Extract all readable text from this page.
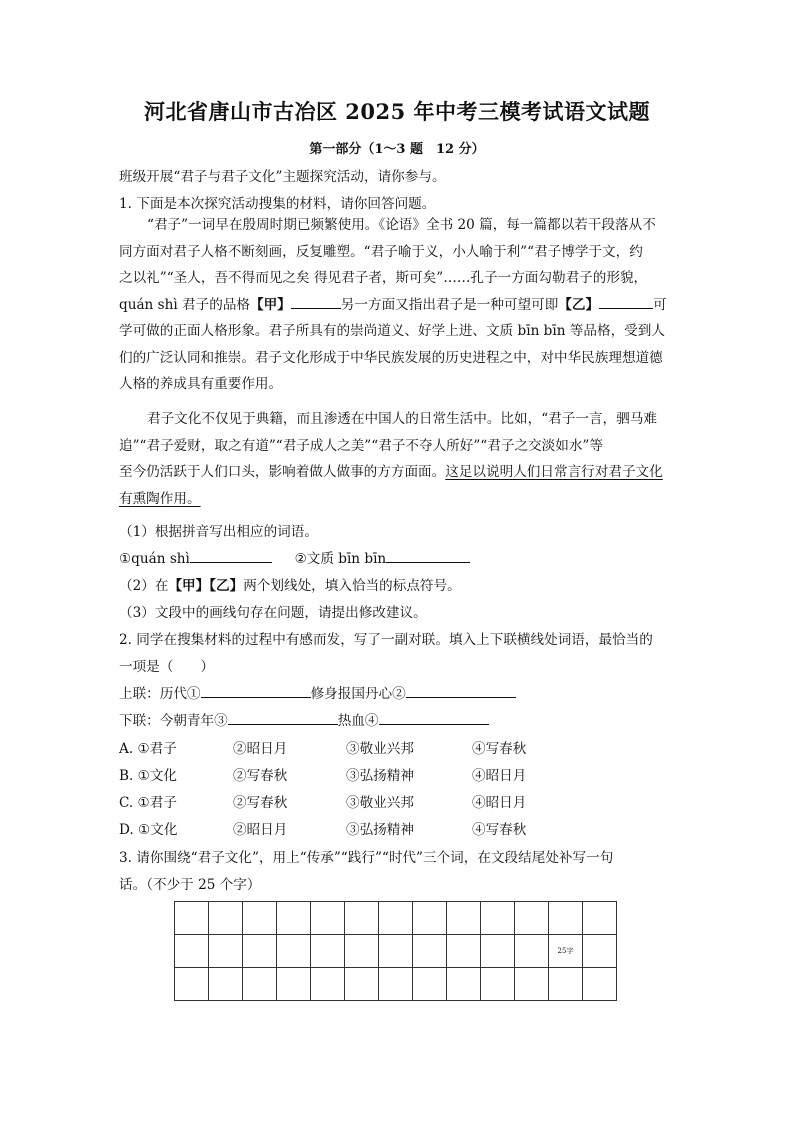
河北省唐山市古冶区 2025 年中考三模考试语文试题
第一部分（1～3 题　12 分）
班级开展“君子与君子文化”主题探究活动，请你参与。
1. 下面是本次探究活动搜集的材料，请你回答问题。
“君子”一词早在殷周时期已频繁使用。《论语》全书 20 篇，每一篇都以若干段落从不
同方面对君子人格不断刻画，反复雕塑。“君子喻于义，小人喻于利”“君子博学于文，约
之以礼”“圣人，吾不得而见之矣 得见君子者，斯可矣”……孔子一方面勾勒君子的形貌，
quán shì 君子的品格【甲】	另一方面又指出君子是一种可望可即【乙】	可
学可做的正面人格形象。君子所具有的崇尚道义、好学上进、文质 bīn bīn 等品格，受到人
们的广泛认同和推崇。君子文化形成于中华民族发展的历史进程之中，对中华民族理想道德
人格的养成具有重要作用。
君子文化不仅见于典籍，而且渗透在中国人的日常生活中。比如，“君子一言，驷马难
追”“君子爱财，取之有道”“君子成人之美”“君子不夺人所好”“君子之交淡如水”等
至今仍活跃于人们口头，影响着做人做事的方方面面。这足以说明人们日常言行对君子文化
有熏陶作用。
（1）根据拼音写出相应的词语。
①quán shì	②文质 bīn bīn
（2）在【甲】【乙】两个划线处，填入恰当的标点符号。
（3）文段中的画线句存在问题，请提出修改建议。
2. 同学在搜集材料的过程中有感而发，写了一副对联。填入上下联横线处词语，最恰当的
一项是（　　）
上联：历代①	修身报国丹心②
下联：今朝青年③	热血④
A. ①君子	②昭日月	③敬业兴邦	④写春秋
B. ①文化	②写春秋	③弘扬精神	④昭日月
C. ①君子	②写春秋	③敬业兴邦	④昭日月
D. ①文化	②昭日月	③弘扬精神	④写春秋
3. 请你围绕“君子文化”，用上“传承”“践行”“时代”三个词，在文段结尾处补写一句
话。（不少于 25 个字）

											25字	
